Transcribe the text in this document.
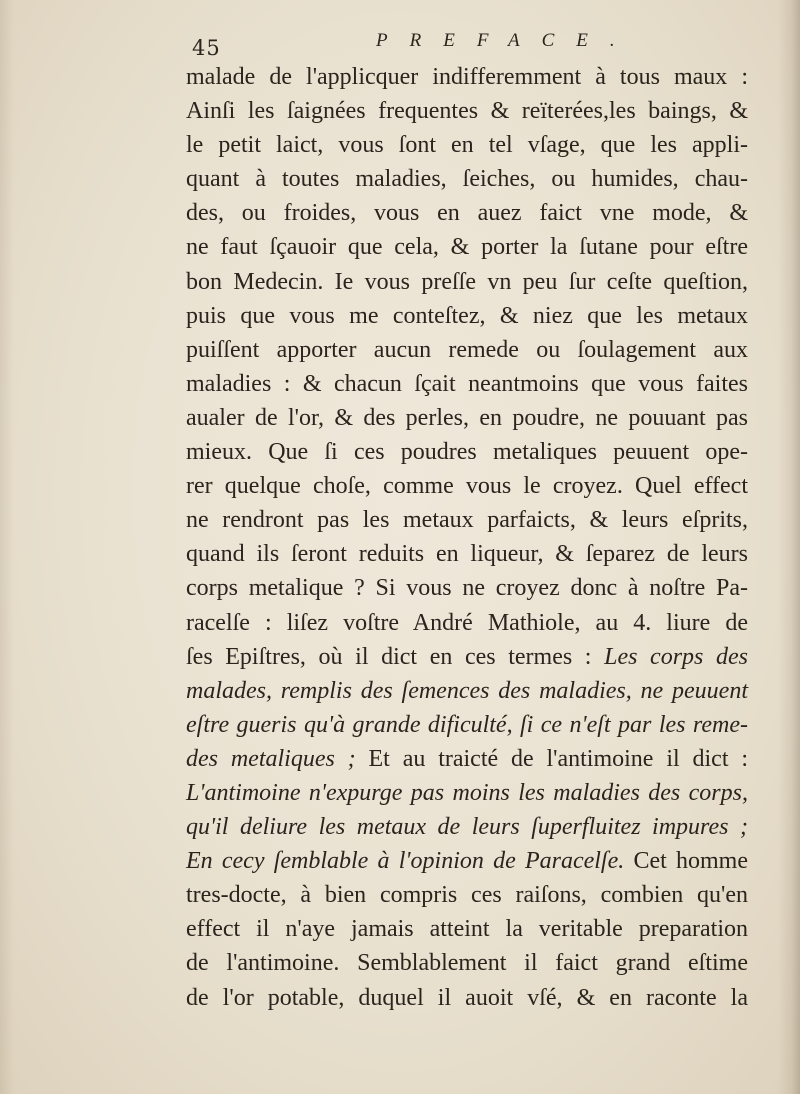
45	PREFACE.
malade de l'applicquer indifferemment à tous maux :
Ainſi les ſaignées frequentes & reïterées,les baings, &
le petit laict, vous ſont en tel vſage, que les appli-
quant à toutes maladies, ſeiches, ou humides, chau-
des, ou froides, vous en auez faict vne mode, &
ne faut ſçauoir que cela, & porter la ſutane pour eſtre
bon Medecin. Ie vous preſſe vn peu ſur ceſte queſtion,
puis que vous me conteſtez, & niez que les metaux
puiſſent apporter aucun remede ou ſoulagement aux
maladies : & chacun ſçait neantmoins que vous faites
aualer de l'or, & des perles, en poudre, ne pouuant pas
mieux. Que ſi ces poudres metaliques peuuent ope-
rer quelque choſe, comme vous le croyez. Quel effect
ne rendront pas les metaux parfaicts, & leurs eſprits,
quand ils ſeront reduits en liqueur, & ſeparez de leurs
corps metalique ? Si vous ne croyez donc à noſtre Pa-
racelſe : liſez voſtre André Mathiole, au 4. liure de
ſes Epiſtres, où il dict en ces termes : Les corps des
malades, remplis des ſemences des maladies, ne peuuent
eſtre gueris qu'à grande dificulté, ſi ce n'eſt par les reme-
des metaliques ; Et au traicté de l'antimoine il dict :
L'antimoine n'expurge pas moins les maladies des corps,
qu'il deliure les metaux de leurs ſuperfluitez impures ;
En cecy ſemblable à l'opinion de Paracelſe. Cet homme
tres-docte, à bien compris ces raiſons, combien qu'en
effect il n'aye jamais atteint la veritable preparation
de l'antimoine. Semblablement il faict grand eſtime
de l'or potable, duquel il auoit vſé, & en raconte la
